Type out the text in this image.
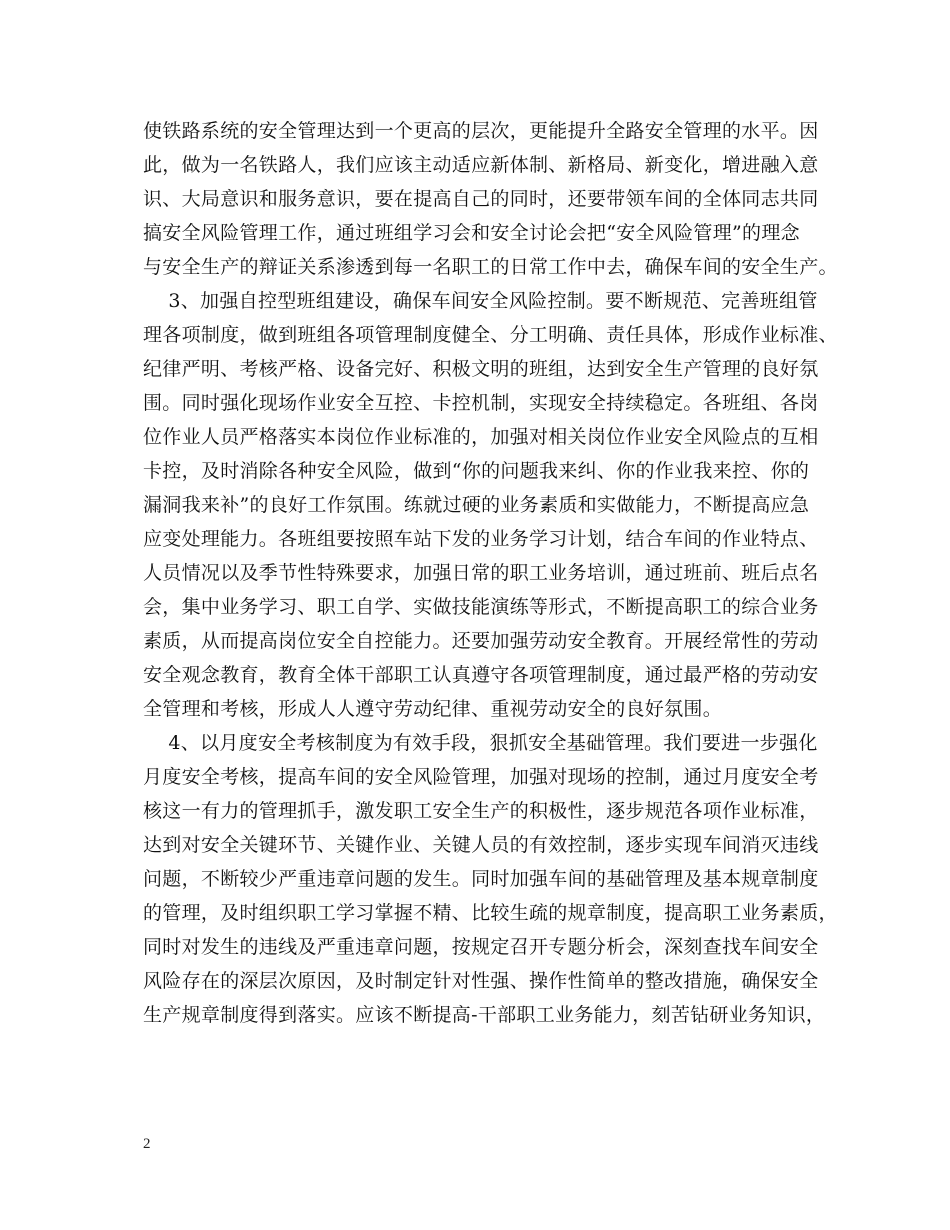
使铁路系统的安全管理达到一个更高的层次，更能提升全路安全管理的水平。因
此，做为一名铁路人，我们应该主动适应新体制、新格局、新变化，增进融入意
识、大局意识和服务意识，要在提高自己的同时，还要带领车间的全体同志共同
搞安全风险管理工作，通过班组学习会和安全讨论会把“安全风险管理”的理念
与安全生产的辩证关系渗透到每一名职工的日常工作中去，确保车间的安全生产。
3、加强自控型班组建设，确保车间安全风险控制。要不断规范、完善班组管
理各项制度，做到班组各项管理制度健全、分工明确、责任具体，形成作业标准、
纪律严明、考核严格、设备完好、积极文明的班组，达到安全生产管理的良好氛
围。同时强化现场作业安全互控、卡控机制，实现安全持续稳定。各班组、各岗
位作业人员严格落实本岗位作业标准的，加强对相关岗位作业安全风险点的互相
卡控，及时消除各种安全风险，做到“你的问题我来纠、你的作业我来控、你的
漏洞我来补”的良好工作氛围。练就过硬的业务素质和实做能力，不断提高应急
应变处理能力。各班组要按照车站下发的业务学习计划，结合车间的作业特点、
人员情况以及季节性特殊要求，加强日常的职工业务培训，通过班前、班后点名
会，集中业务学习、职工自学、实做技能演练等形式，不断提高职工的综合业务
素质，从而提高岗位安全自控能力。还要加强劳动安全教育。开展经常性的劳动
安全观念教育，教育全体干部职工认真遵守各项管理制度，通过最严格的劳动安
全管理和考核，形成人人遵守劳动纪律、重视劳动安全的良好氛围。
4、以月度安全考核制度为有效手段，狠抓安全基础管理。我们要进一步强化
月度安全考核，提高车间的安全风险管理，加强对现场的控制，通过月度安全考
核这一有力的管理抓手，激发职工安全生产的积极性，逐步规范各项作业标准，
达到对安全关键环节、关键作业、关键人员的有效控制，逐步实现车间消灭违线
问题，不断较少严重违章问题的发生。同时加强车间的基础管理及基本规章制度
的管理，及时组织职工学习掌握不精、比较生疏的规章制度，提高职工业务素质，
同时对发生的违线及严重违章问题，按规定召开专题分析会，深刻查找车间安全
风险存在的深层次原因，及时制定针对性强、操作性简单的整改措施，确保安全
生产规章制度得到落实。应该不断提高-干部职工业务能力，刻苦钻研业务知识，
2
